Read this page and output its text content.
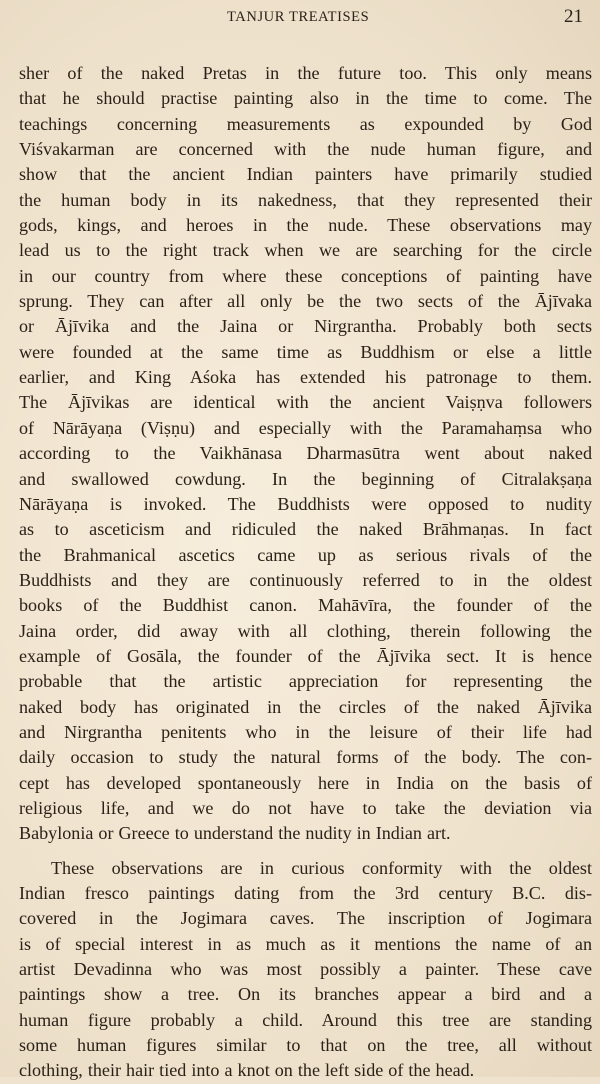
TANJUR TREATISES	21

sher of the naked Pretas in the future too. This only means
that he should practise painting also in the time to come. The
teachings concerning measurements as expounded by God
Viśvakarman are concerned with the nude human figure, and
show that the ancient Indian painters have primarily studied
the human body in its nakedness, that they represented their
gods, kings, and heroes in the nude. These observations may
lead us to the right track when we are searching for the circle
in our country from where these conceptions of painting have
sprung. They can after all only be the two sects of the Ājīvaka
or Ājīvika and the Jaina or Nirgrantha. Probably both sects
were founded at the same time as Buddhism or else a little
earlier, and King Aśoka has extended his patronage to them.
The Ājīvikas are identical with the ancient Vaiṣṇva followers
of Nārāyaṇa (Viṣṇu) and especially with the Paramahaṃsa who
according to the Vaikhānasa Dharmasūtra went about naked
and swallowed cowdung. In the beginning of Citralakṣaṇa
Nārāyaṇa is invoked. The Buddhists were opposed to nudity
as to asceticism and ridiculed the naked Brāhmaṇas. In fact
the Brahmanical ascetics came up as serious rivals of the
Buddhists and they are continuously referred to in the oldest
books of the Buddhist canon. Mahāvīra, the founder of the
Jaina order, did away with all clothing, therein following the
example of Gosāla, the founder of the Ājīvika sect. It is hence
probable that the artistic appreciation for representing the
naked body has originated in the circles of the naked Ājīvika
and Nirgrantha penitents who in the leisure of their life had
daily occasion to study the natural forms of the body. The con-
cept has developed spontaneously here in India on the basis of
religious life, and we do not have to take the deviation via
Babylonia or Greece to understand the nudity in Indian art.

These observations are in curious conformity with the oldest
Indian fresco paintings dating from the 3rd century B.C. dis-
covered in the Jogimara caves. The inscription of Jogimara
is of special interest in as much as it mentions the name of an
artist Devadinna who was most possibly a painter. These cave
paintings show a tree. On its branches appear a bird and a
human figure probably a child. Around this tree are standing
some human figures similar to that on the tree, all without
clothing, their hair tied into a knot on the left side of the head.
